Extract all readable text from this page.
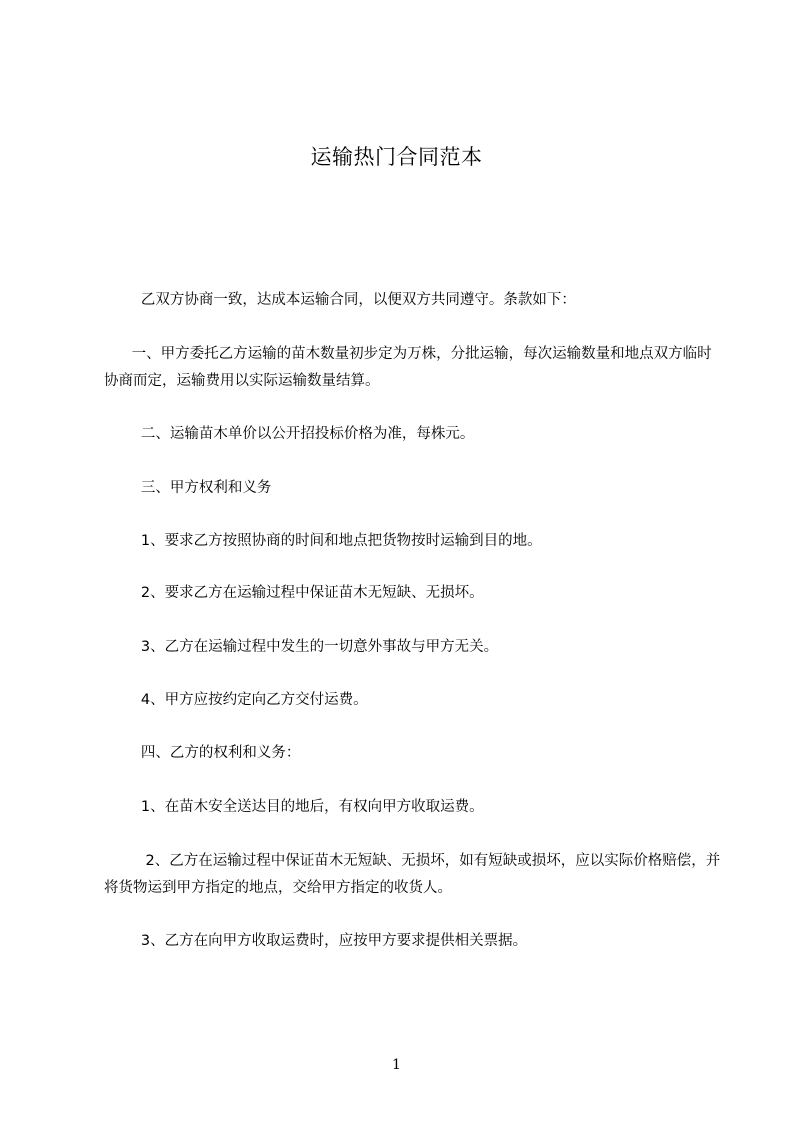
运输热门合同范本
乙双方协商一致，达成本运输合同，以便双方共同遵守。条款如下：
一、甲方委托乙方运输的苗木数量初步定为万株，分批运输，每次运输数量和地点双方临时协商而定，运输费用以实际运输数量结算。
二、运输苗木单价以公开招投标价格为准，每株元。
三、甲方权利和义务
1、要求乙方按照协商的时间和地点把货物按时运输到目的地。
2、要求乙方在运输过程中保证苗木无短缺、无损坏。
3、乙方在运输过程中发生的一切意外事故与甲方无关。
4、甲方应按约定向乙方交付运费。
四、乙方的权利和义务：
1、在苗木安全送达目的地后，有权向甲方收取运费。
2、乙方在运输过程中保证苗木无短缺、无损坏，如有短缺或损坏，应以实际价格赔偿，并将货物运到甲方指定的地点，交给甲方指定的收货人。
3、乙方在向甲方收取运费时，应按甲方要求提供相关票据。
1
